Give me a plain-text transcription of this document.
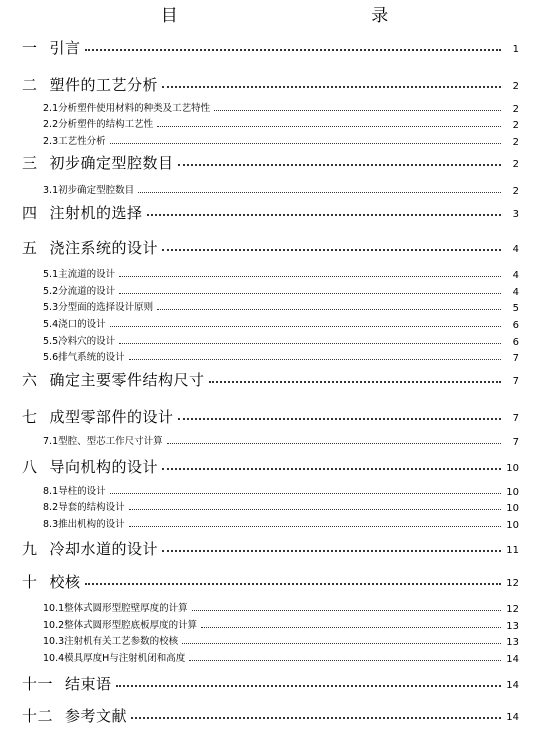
目 录
一 引言	1
二 塑件的工艺分析	2
2.1分析塑件使用材料的种类及工艺特性	2
2.2分析塑件的结构工艺性	2
2.3工艺性分析	2
三 初步确定型腔数目	2
3.1初步确定型腔数目	2
四 注射机的选择	3
五 浇注系统的设计	4
5.1主流道的设计	4
5.2分流道的设计	4
5.3分型面的选择设计原则	5
5.4浇口的设计	6
5.5冷料穴的设计	6
5.6排气系统的设计	7
六 确定主要零件结构尺寸	7
七 成型零部件的设计	7
7.1型腔、型芯工作尺寸计算	7
八 导向机构的设计	10
8.1导柱的设计	10
8.2导套的结构设计	10
8.3推出机构的设计	10
九 冷却水道的设计	11
十 校核	12
10.1整体式圆形型腔壁厚度的计算	12
10.2整体式圆形型腔底板厚度的计算	13
10.3注射机有关工艺参数的校核	13
10.4模具厚度H与注射机闭和高度	14
十一 结束语	14
十二 参考文献	14
